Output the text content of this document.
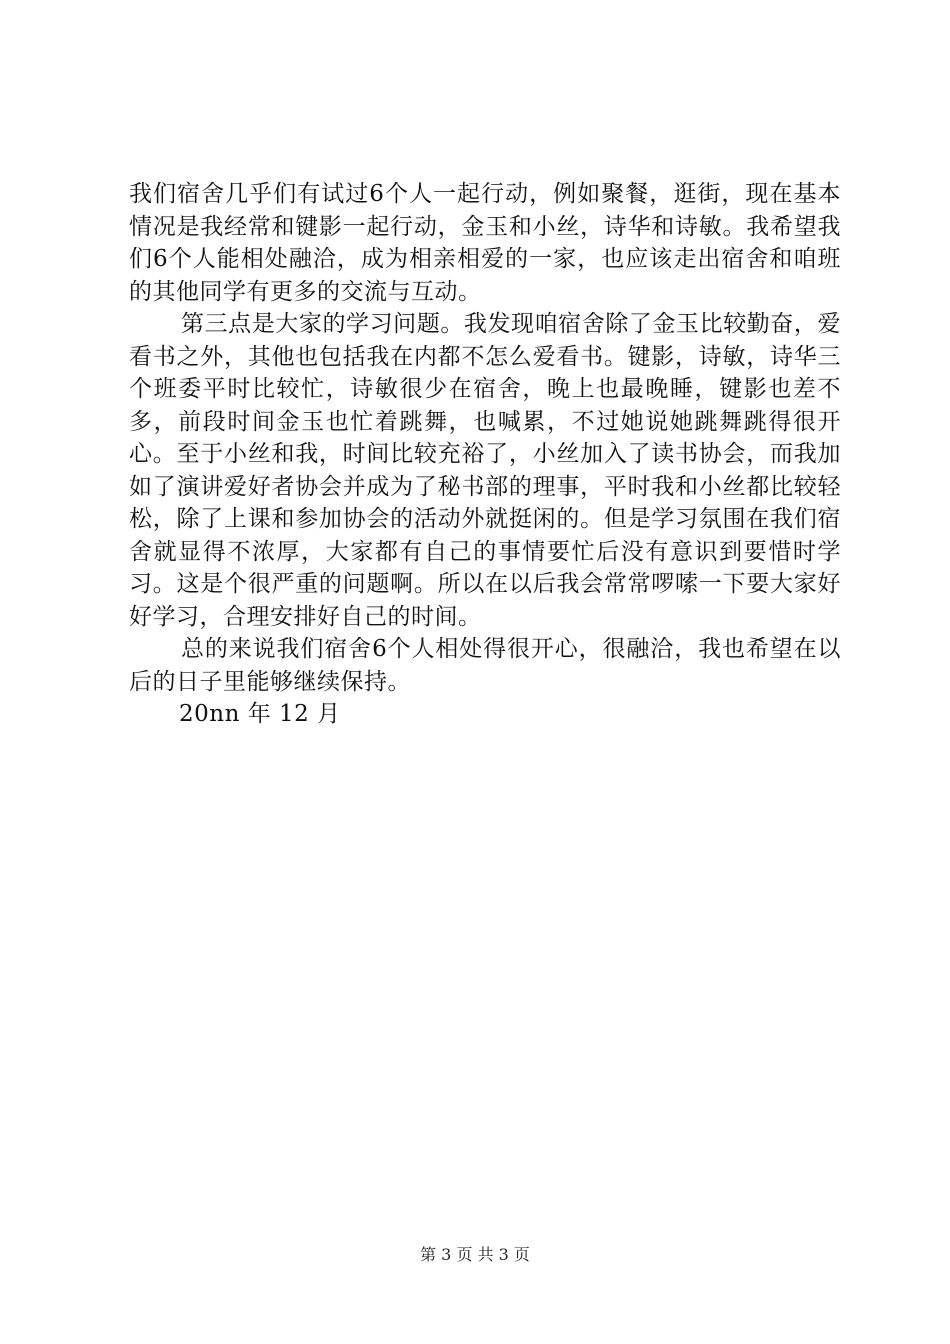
我们宿舍几乎们有试过6个人一起行动，例如聚餐，逛街，现在基本情况是我经常和键影一起行动，金玉和小丝，诗华和诗敏。我希望我们6个人能相处融洽，成为相亲相爱的一家，也应该走出宿舍和咱班的其他同学有更多的交流与互动。

第三点是大家的学习问题。我发现咱宿舍除了金玉比较勤奋，爱看书之外，其他也包括我在内都不怎么爱看书。键影，诗敏，诗华三个班委平时比较忙，诗敏很少在宿舍，晚上也最晚睡，键影也差不多，前段时间金玉也忙着跳舞，也喊累，不过她说她跳舞跳得很开心。至于小丝和我，时间比较充裕了，小丝加入了读书协会，而我加如了演讲爱好者协会并成为了秘书部的理事，平时我和小丝都比较轻松，除了上课和参加协会的活动外就挺闲的。但是学习氛围在我们宿舍就显得不浓厚，大家都有自己的事情要忙后没有意识到要惜时学习。这是个很严重的问题啊。所以在以后我会常常啰嗦一下要大家好好学习，合理安排好自己的时间。

总的来说我们宿舍6个人相处得很开心，很融洽，我也希望在以后的日子里能够继续保持。

20nn 年 12 月

第 3 页 共 3 页
